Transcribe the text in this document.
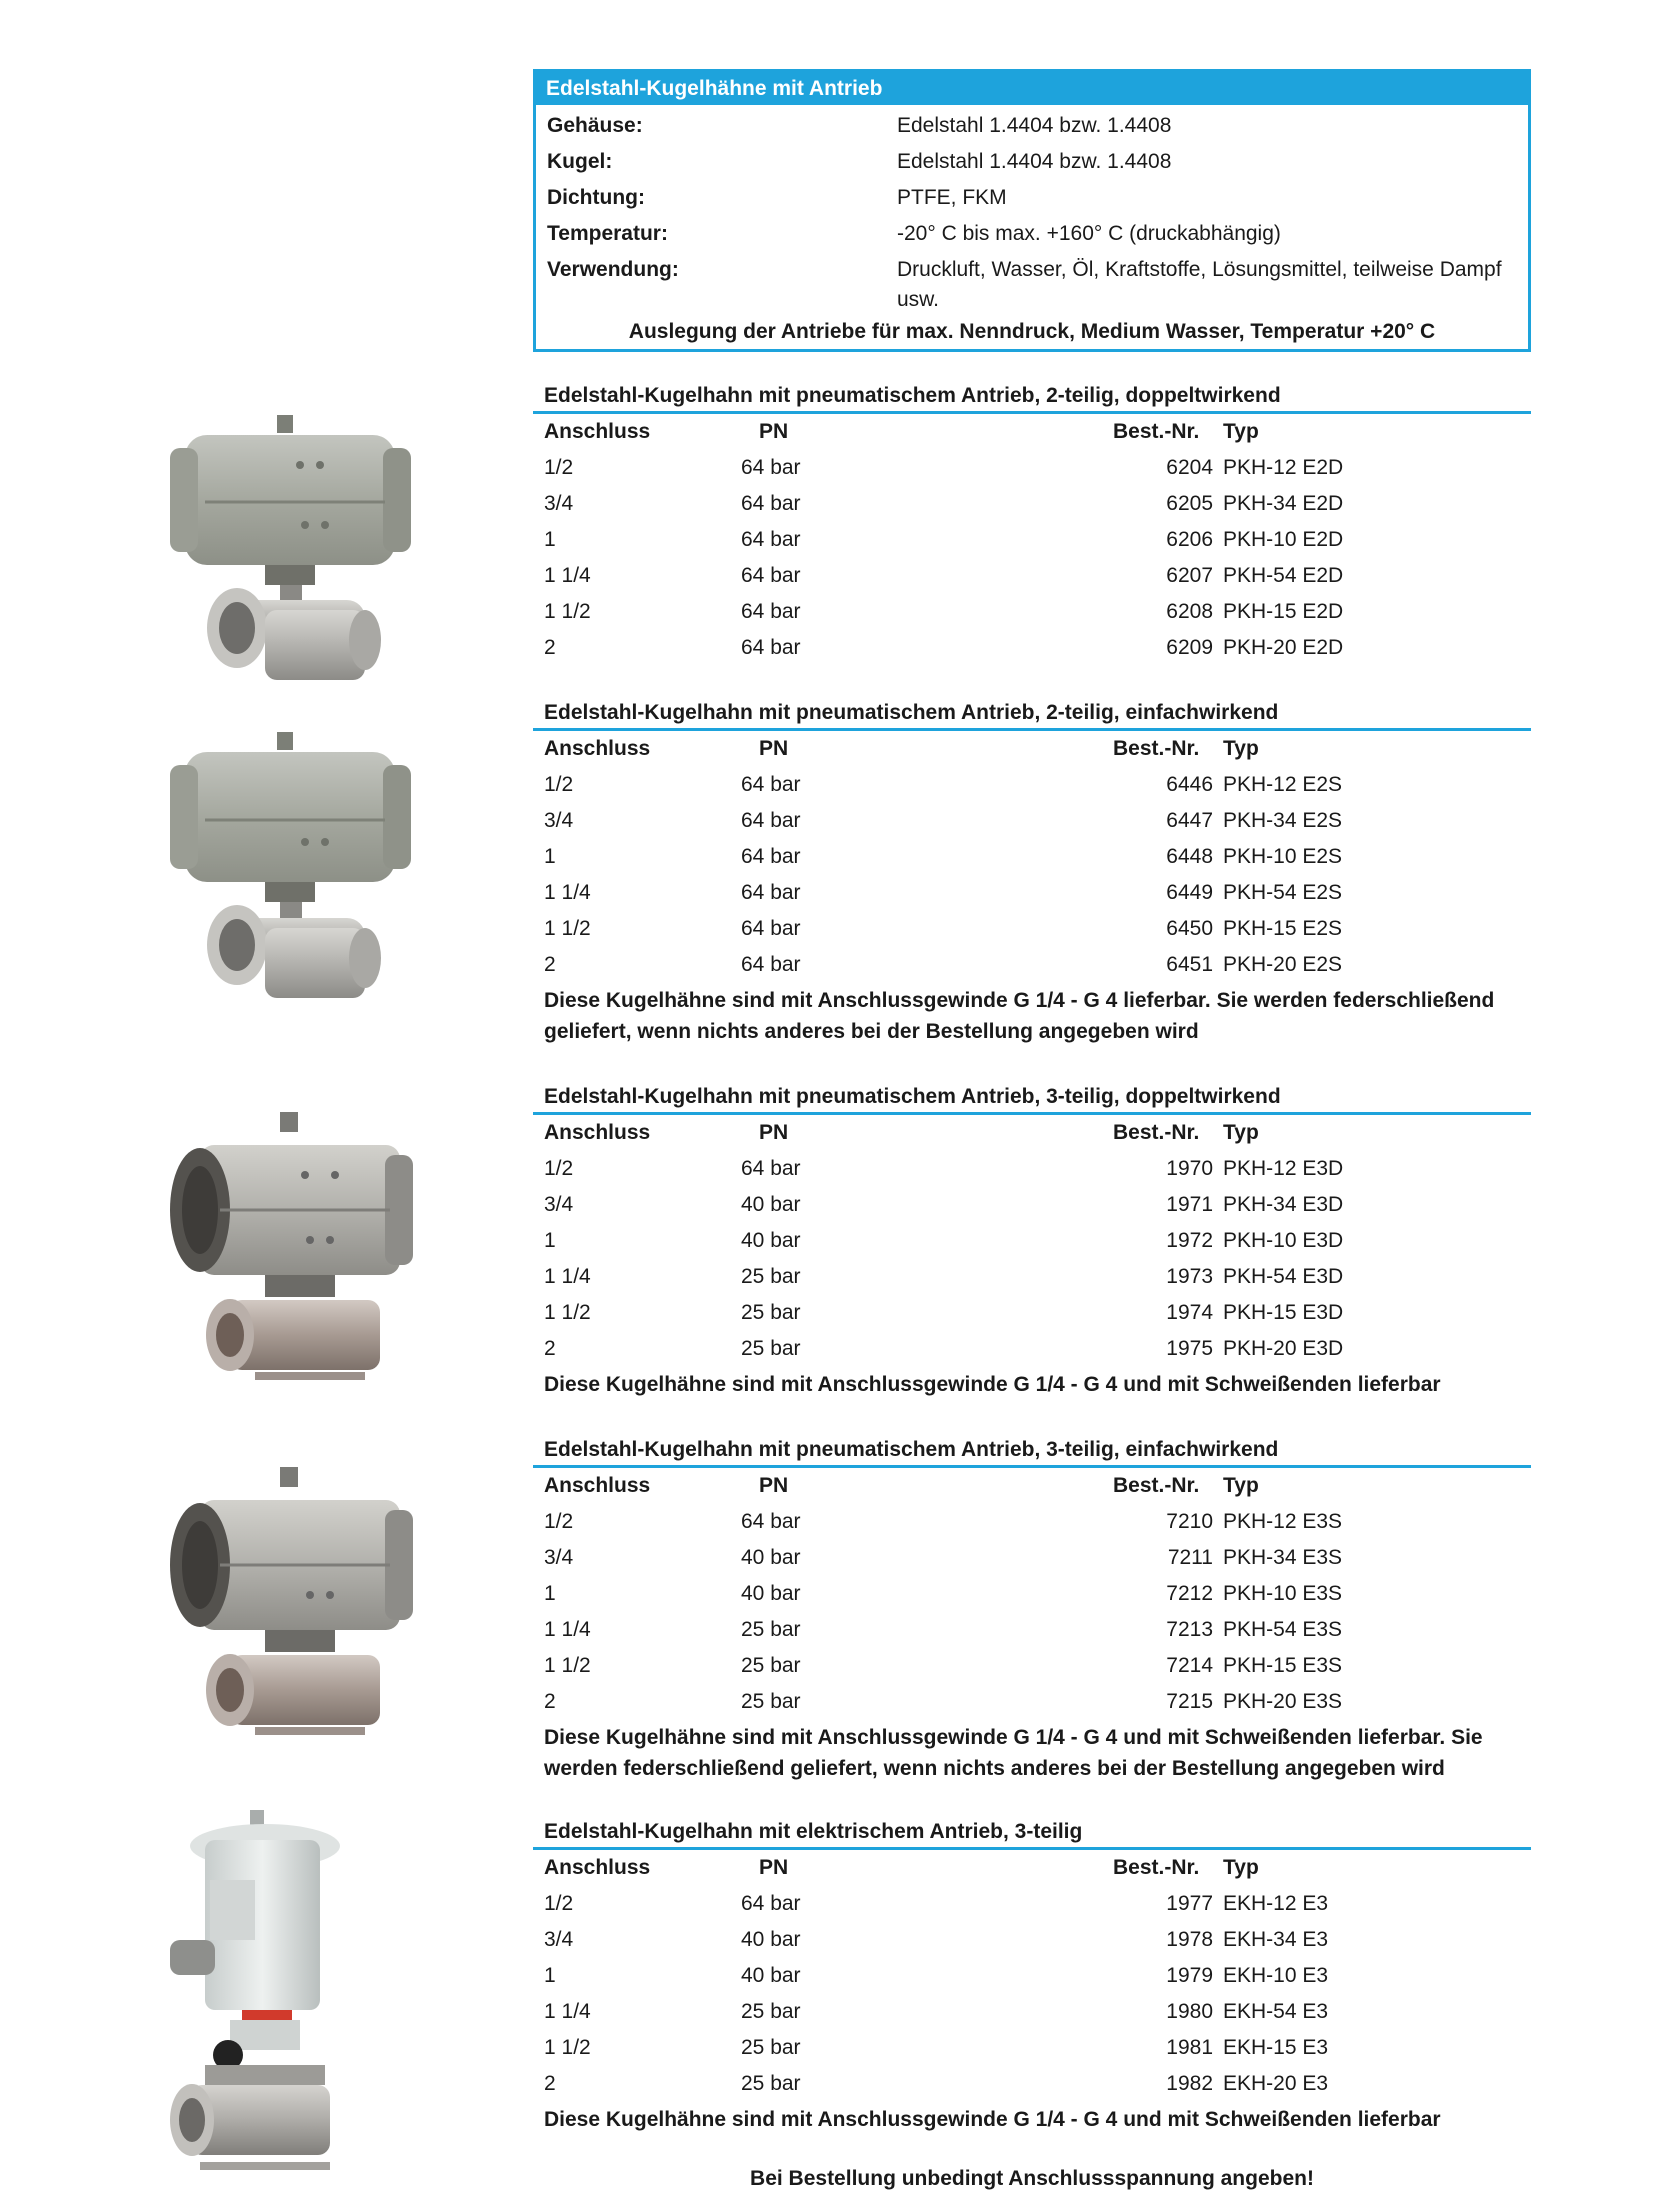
Edelstahl-Kugelhähne mit Antrieb
Gehäuse:	Edelstahl 1.4404 bzw. 1.4408
Kugel:	Edelstahl 1.4404 bzw. 1.4408
Dichtung:	PTFE, FKM
Temperatur:	-20° C bis max. +160° C (druckabhängig)
Verwendung:	Druckluft, Wasser, Öl, Kraftstoffe, Lösungsmittel, teilweise Dampf usw.
Auslegung der Antriebe für max. Nenndruck, Medium Wasser, Temperatur +20° C
Edelstahl-Kugelhahn mit pneumatischem Antrieb, 2-teilig, doppeltwirkend
Anschluss	PN	Best.-Nr. Typ
1/2	64 bar	6204 PKH-12 E2D
3/4	64 bar	6205 PKH-34 E2D
1	64 bar	6206 PKH-10 E2D
1 1/4	64 bar	6207 PKH-54 E2D
1 1/2	64 bar	6208 PKH-15 E2D
2	64 bar	6209 PKH-20 E2D
Edelstahl-Kugelhahn mit pneumatischem Antrieb, 2-teilig, einfachwirkend
Anschluss	PN	Best.-Nr. Typ
1/2	64 bar	6446 PKH-12 E2S
3/4	64 bar	6447 PKH-34 E2S
1	64 bar	6448 PKH-10 E2S
1 1/4	64 bar	6449 PKH-54 E2S
1 1/2	64 bar	6450 PKH-15 E2S
2	64 bar	6451 PKH-20 E2S
Diese Kugelhähne sind mit Anschlussgewinde G 1/4 - G 4 lieferbar. Sie werden federschließend geliefert, wenn nichts anderes bei der Bestellung angegeben wird
Edelstahl-Kugelhahn mit pneumatischem Antrieb, 3-teilig, doppeltwirkend
Anschluss	PN	Best.-Nr. Typ
1/2	64 bar	1970 PKH-12 E3D
3/4	40 bar	1971 PKH-34 E3D
1	40 bar	1972 PKH-10 E3D
1 1/4	25 bar	1973 PKH-54 E3D
1 1/2	25 bar	1974 PKH-15 E3D
2	25 bar	1975 PKH-20 E3D
Diese Kugelhähne sind mit Anschlussgewinde G 1/4 - G 4 und mit Schweißenden lieferbar
Edelstahl-Kugelhahn mit pneumatischem Antrieb, 3-teilig, einfachwirkend
Anschluss	PN	Best.-Nr. Typ
1/2	64 bar	7210 PKH-12 E3S
3/4	40 bar	7211 PKH-34 E3S
1	40 bar	7212 PKH-10 E3S
1 1/4	25 bar	7213 PKH-54 E3S
1 1/2	25 bar	7214 PKH-15 E3S
2	25 bar	7215 PKH-20 E3S
Diese Kugelhähne sind mit Anschlussgewinde G 1/4 - G 4 und mit Schweißenden lieferbar. Sie werden federschließend geliefert, wenn nichts anderes bei der Bestellung angegeben wird
Edelstahl-Kugelhahn mit elektrischem Antrieb, 3-teilig
Anschluss	PN	Best.-Nr. Typ
1/2	64 bar	1977 EKH-12 E3
3/4	40 bar	1978 EKH-34 E3
1	40 bar	1979 EKH-10 E3
1 1/4	25 bar	1980 EKH-54 E3
1 1/2	25 bar	1981 EKH-15 E3
2	25 bar	1982 EKH-20 E3
Diese Kugelhähne sind mit Anschlussgewinde G 1/4 - G 4 und mit Schweißenden lieferbar
Bei Bestellung unbedingt Anschlussspannung angeben!
